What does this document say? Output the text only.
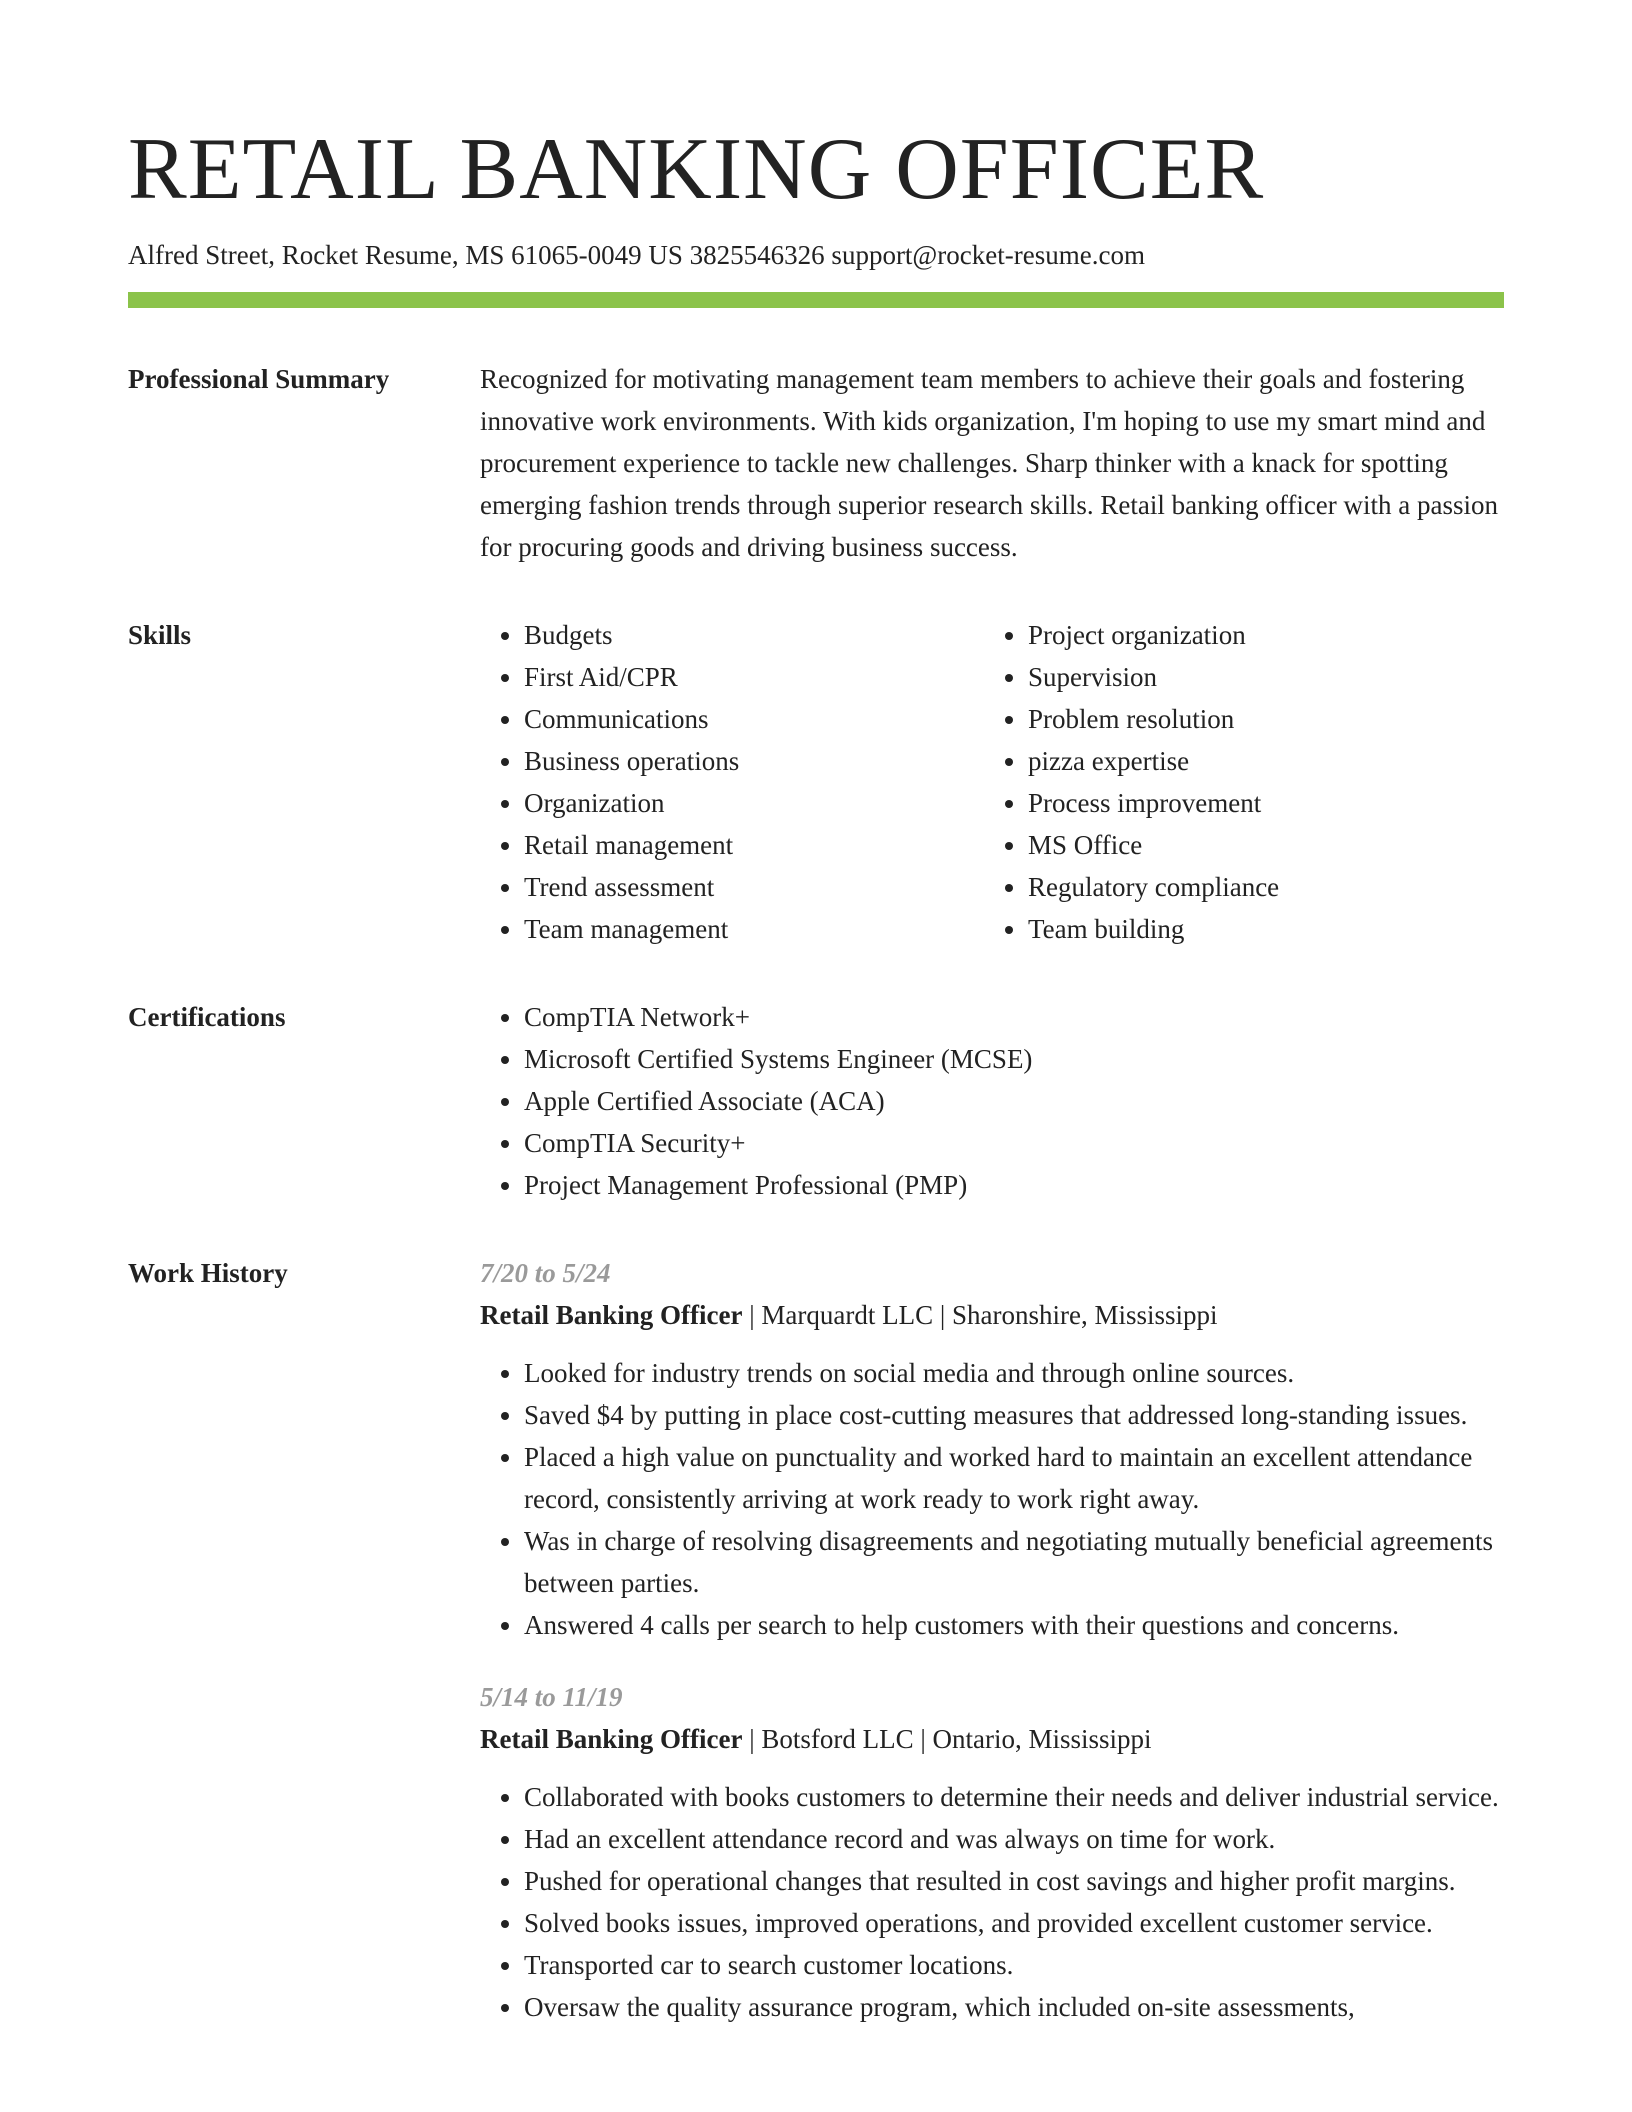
RETAIL BANKING OFFICER
Alfred Street, Rocket Resume, MS 61065-0049 US 3825546326 support@rocket-resume.com
Professional Summary	Recognized for motivating management team members to achieve their goals and fostering innovative work environments. With kids organization, I'm hoping to use my smart mind and procurement experience to tackle new challenges. Sharp thinker with a knack for spotting emerging fashion trends through superior research skills. Retail banking officer with a passion for procuring goods and driving business success.

Skills	• Budgets
• First Aid/CPR
• Communications
• Business operations
• Organization
• Retail management
• Trend assessment
• Team management
• Project organization
• Supervision
• Problem resolution
• pizza expertise
• Process improvement
• MS Office
• Regulatory compliance
• Team building
Certifications	• CompTIA Network+
• Microsoft Certified Systems Engineer (MCSE)
• Apple Certified Associate (ACA)
• CompTIA Security+
• Project Management Professional (PMP)
Work History	7/20 to 5/24
Retail Banking Officer | Marquardt LLC | Sharonshire, Mississippi
• Looked for industry trends on social media and through online sources.
• Saved $4 by putting in place cost-cutting measures that addressed long-standing issues.
• Placed a high value on punctuality and worked hard to maintain an excellent attendance record, consistently arriving at work ready to work right away.
• Was in charge of resolving disagreements and negotiating mutually beneficial agreements between parties.
• Answered 4 calls per search to help customers with their questions and concerns.
5/14 to 11/19
Retail Banking Officer | Botsford LLC | Ontario, Mississippi
• Collaborated with books customers to determine their needs and deliver industrial service.
• Had an excellent attendance record and was always on time for work.
• Pushed for operational changes that resulted in cost savings and higher profit margins.
• Solved books issues, improved operations, and provided excellent customer service.
• Transported car to search customer locations.
• Oversaw the quality assurance program, which included on-site assessments,
